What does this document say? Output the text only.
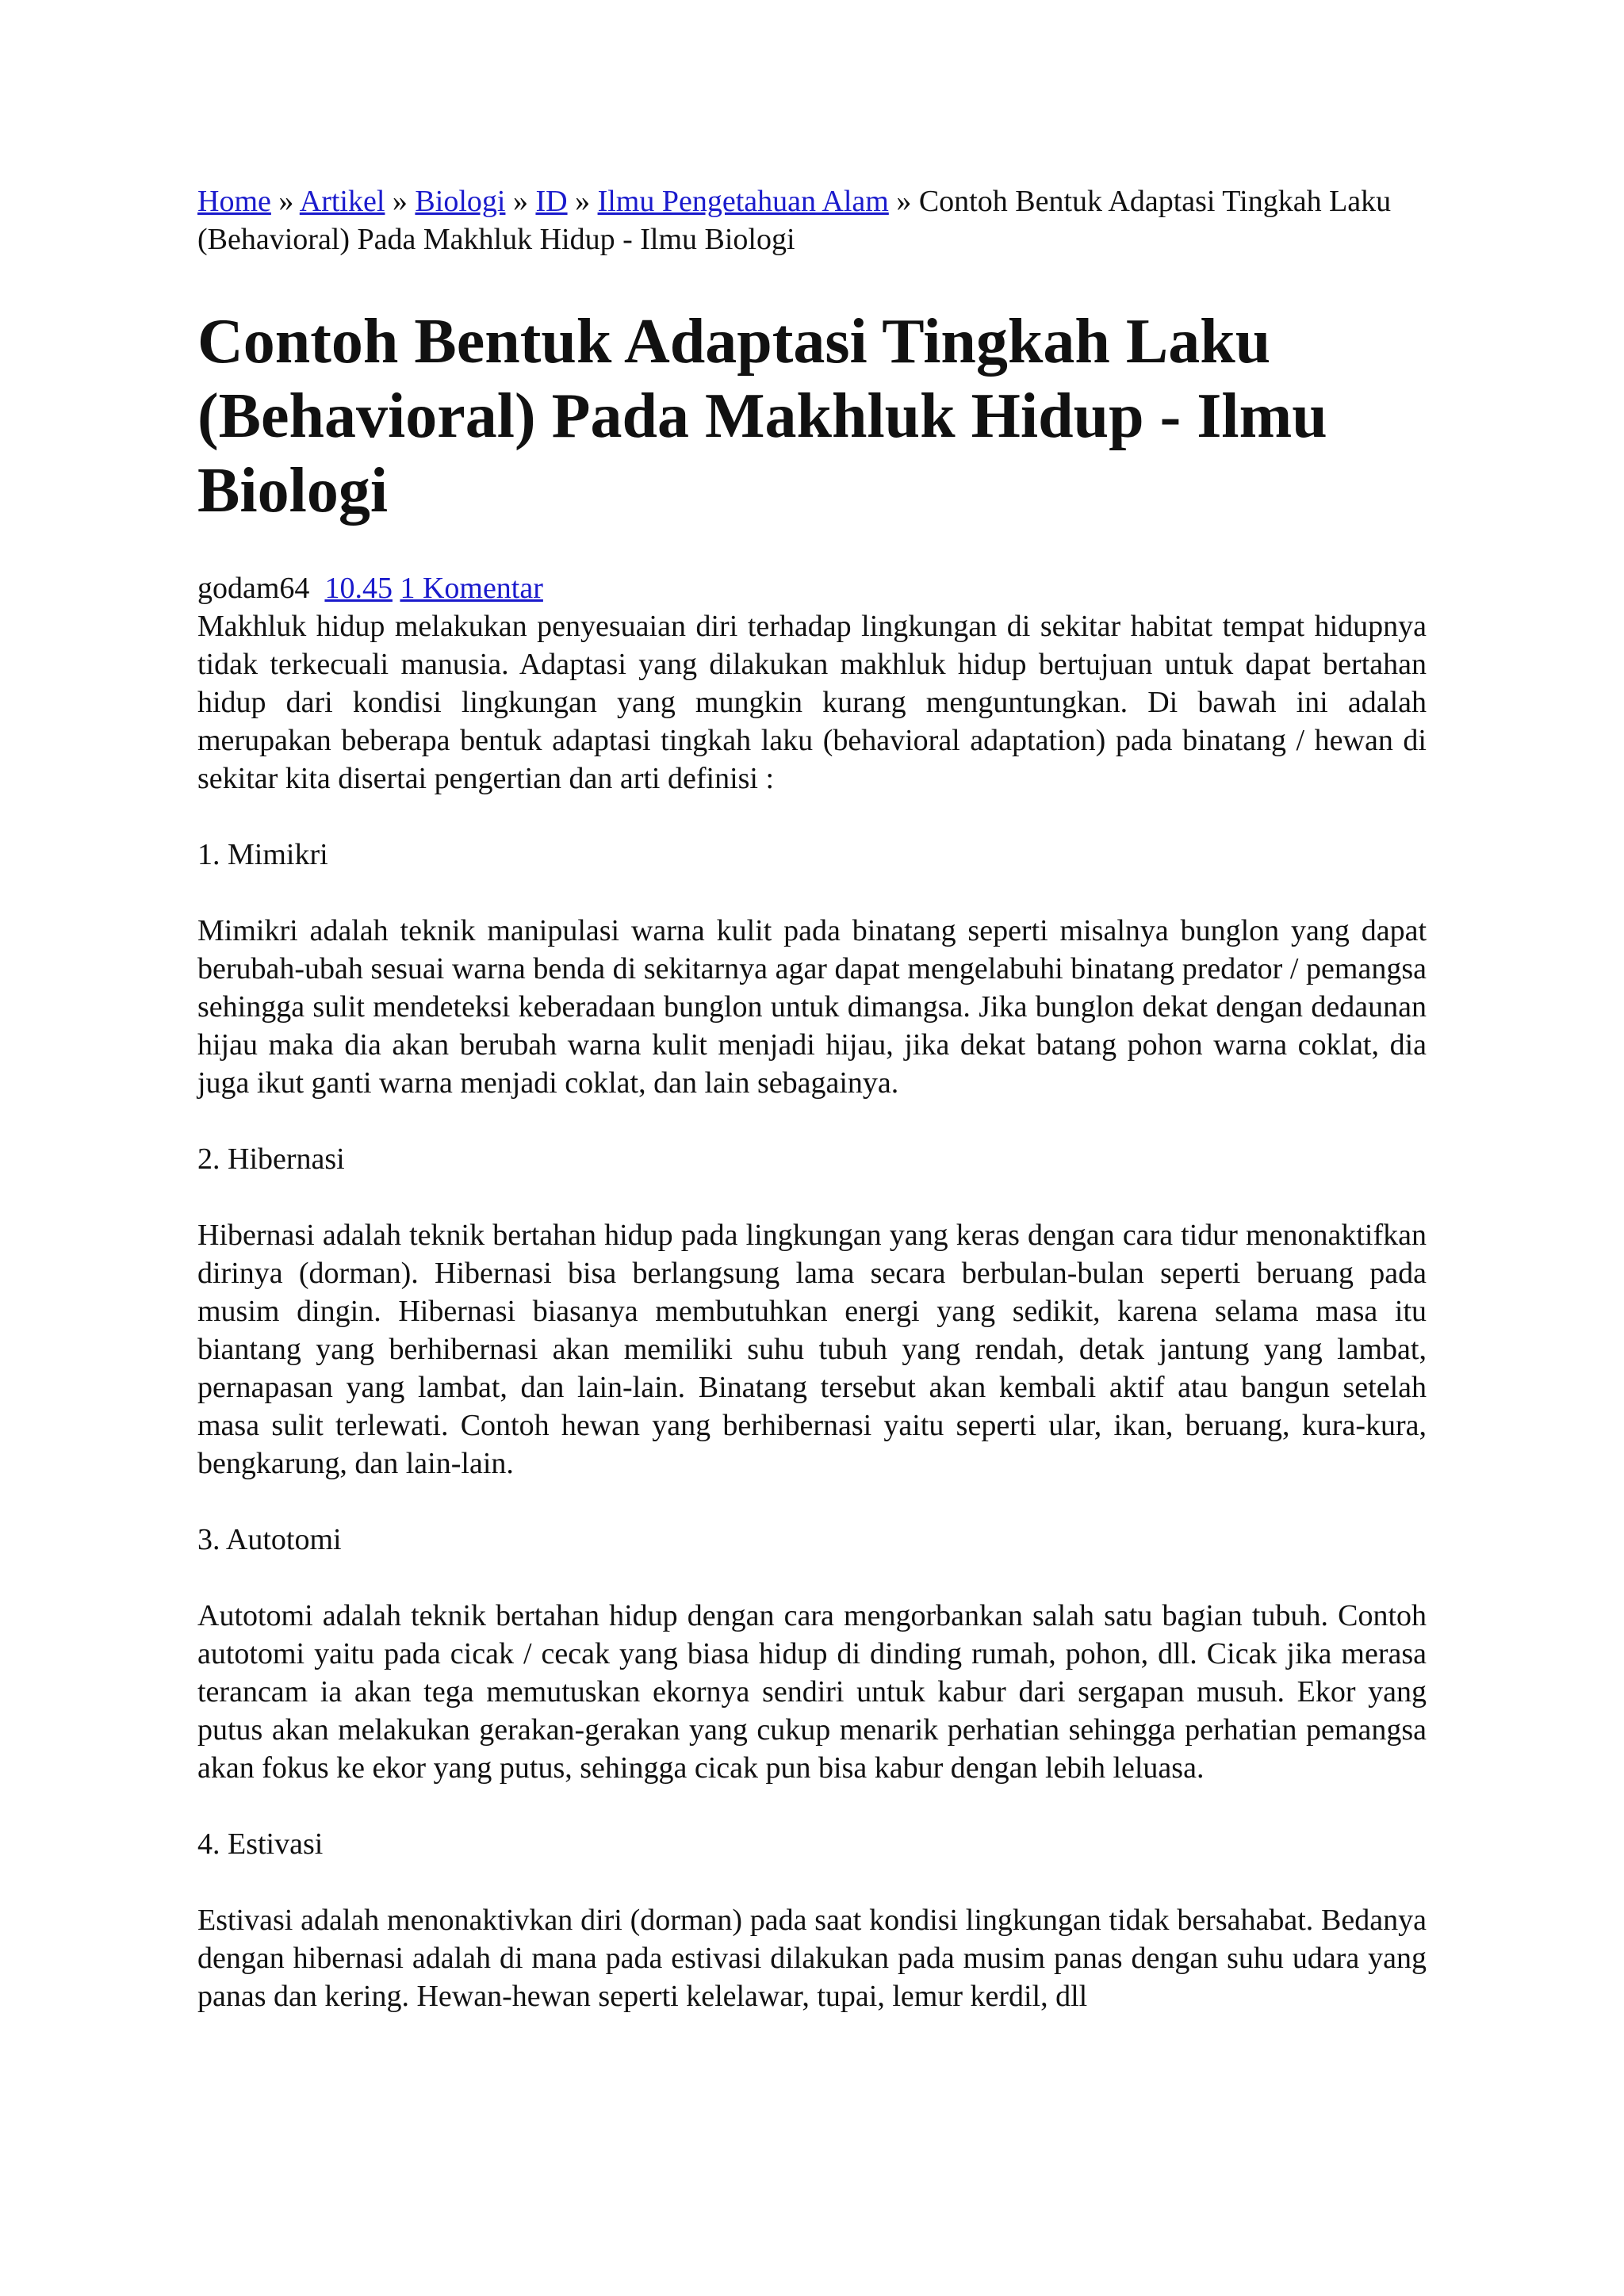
Home » Artikel » Biologi » ID » Ilmu Pengetahuan Alam » Contoh Bentuk Adaptasi Tingkah Laku (Behavioral) Pada Makhluk Hidup - Ilmu Biologi

Contoh Bentuk Adaptasi Tingkah Laku (Behavioral) Pada Makhluk Hidup - Ilmu Biologi
godam64 10.45 1 Komentar

Makhluk hidup melakukan penyesuaian diri terhadap lingkungan di sekitar habitat tempat hidupnya tidak terkecuali manusia. Adaptasi yang dilakukan makhluk hidup bertujuan untuk dapat bertahan hidup dari kondisi lingkungan yang mungkin kurang menguntungkan. Di bawah ini adalah merupakan beberapa bentuk adaptasi tingkah laku (behavioral adaptation) pada binatang / hewan di sekitar kita disertai pengertian dan arti definisi :

1. Mimikri

Mimikri adalah teknik manipulasi warna kulit pada binatang seperti misalnya bunglon yang dapat berubah-ubah sesuai warna benda di sekitarnya agar dapat mengelabuhi binatang predator / pemangsa sehingga sulit mendeteksi keberadaan bunglon untuk dimangsa. Jika bunglon dekat dengan dedaunan hijau maka dia akan berubah warna kulit menjadi hijau, jika dekat batang pohon warna coklat, dia juga ikut ganti warna menjadi coklat, dan lain sebagainya.

2. Hibernasi

Hibernasi adalah teknik bertahan hidup pada lingkungan yang keras dengan cara tidur menonaktifkan dirinya (dorman). Hibernasi bisa berlangsung lama secara berbulan-bulan seperti beruang pada musim dingin. Hibernasi biasanya membutuhkan energi yang sedikit, karena selama masa itu biantang yang berhibernasi akan memiliki suhu tubuh yang rendah, detak jantung yang lambat, pernapasan yang lambat, dan lain-lain. Binatang tersebut akan kembali aktif atau bangun setelah masa sulit terlewati. Contoh hewan yang berhibernasi yaitu seperti ular, ikan, beruang, kura-kura, bengkarung, dan lain-lain.

3. Autotomi

Autotomi adalah teknik bertahan hidup dengan cara mengorbankan salah satu bagian tubuh. Contoh autotomi yaitu pada cicak / cecak yang biasa hidup di dinding rumah, pohon, dll. Cicak jika merasa terancam ia akan tega memutuskan ekornya sendiri untuk kabur dari sergapan musuh. Ekor yang putus akan melakukan gerakan-gerakan yang cukup menarik perhatian sehingga perhatian pemangsa akan fokus ke ekor yang putus, sehingga cicak pun bisa kabur dengan lebih leluasa.

4. Estivasi

Estivasi adalah menonaktivkan diri (dorman) pada saat kondisi lingkungan tidak bersahabat. Bedanya dengan hibernasi adalah di mana pada estivasi dilakukan pada musim panas dengan suhu udara yang panas dan kering. Hewan-hewan seperti kelelawar, tupai, lemur kerdil, dll
